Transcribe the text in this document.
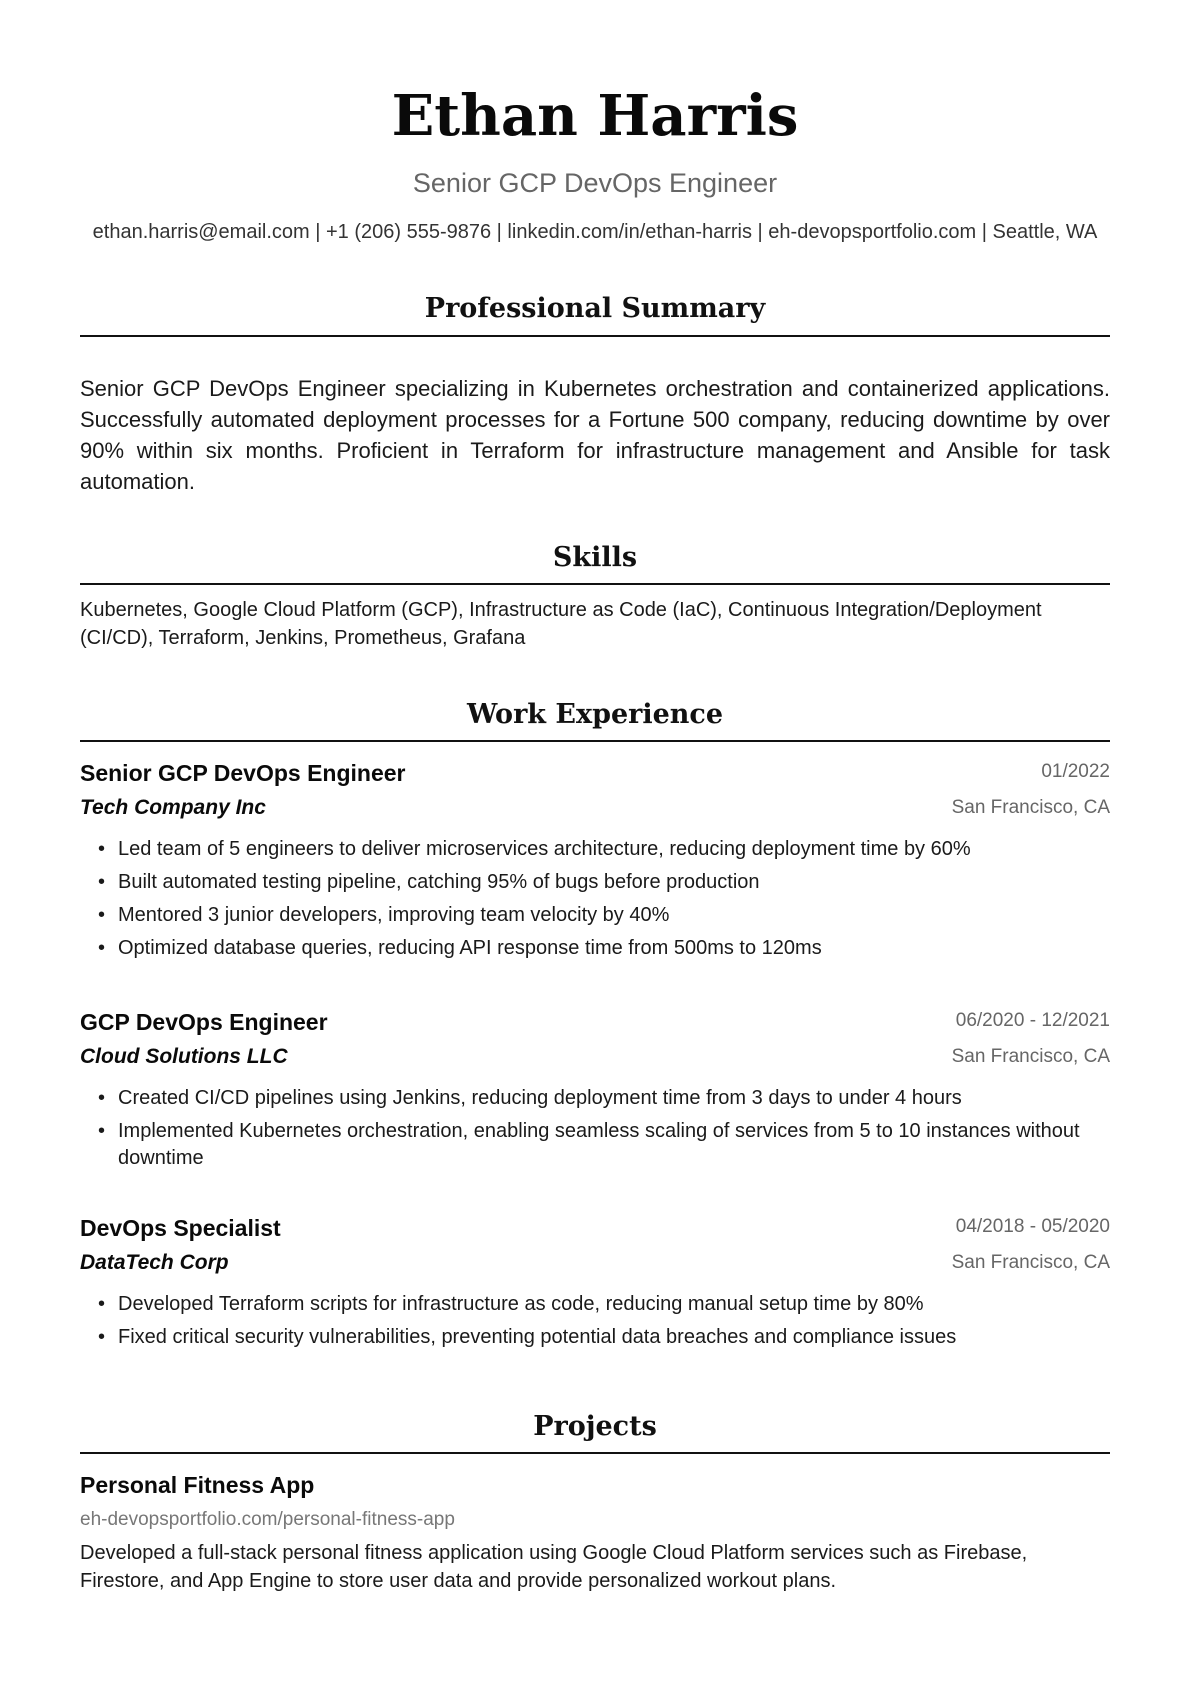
Ethan Harris
Senior GCP DevOps Engineer
ethan.harris@email.com | +1 (206) 555-9876 | linkedin.com/in/ethan-harris | eh-devopsportfolio.com | Seattle, WA
Professional Summary
Senior GCP DevOps Engineer specializing in Kubernetes orchestration and containerized applications. Successfully automated deployment processes for a Fortune 500 company, reducing downtime by over 90% within six months. Proficient in Terraform for infrastructure management and Ansible for task automation.
Skills
Kubernetes, Google Cloud Platform (GCP), Infrastructure as Code (IaC), Continuous Integration/Deployment (CI/CD), Terraform, Jenkins, Prometheus, Grafana
Work Experience
Senior GCP DevOps Engineer	01/2022
Tech Company Inc	San Francisco, CA
• Led team of 5 engineers to deliver microservices architecture, reducing deployment time by 60%
• Built automated testing pipeline, catching 95% of bugs before production
• Mentored 3 junior developers, improving team velocity by 40%
• Optimized database queries, reducing API response time from 500ms to 120ms
GCP DevOps Engineer	06/2020 - 12/2021
Cloud Solutions LLC	San Francisco, CA
• Created CI/CD pipelines using Jenkins, reducing deployment time from 3 days to under 4 hours
• Implemented Kubernetes orchestration, enabling seamless scaling of services from 5 to 10 instances without downtime
DevOps Specialist	04/2018 - 05/2020
DataTech Corp	San Francisco, CA
• Developed Terraform scripts for infrastructure as code, reducing manual setup time by 80%
• Fixed critical security vulnerabilities, preventing potential data breaches and compliance issues
Projects
Personal Fitness App
eh-devopsportfolio.com/personal-fitness-app
Developed a full-stack personal fitness application using Google Cloud Platform services such as Firebase, Firestore, and App Engine to store user data and provide personalized workout plans.
